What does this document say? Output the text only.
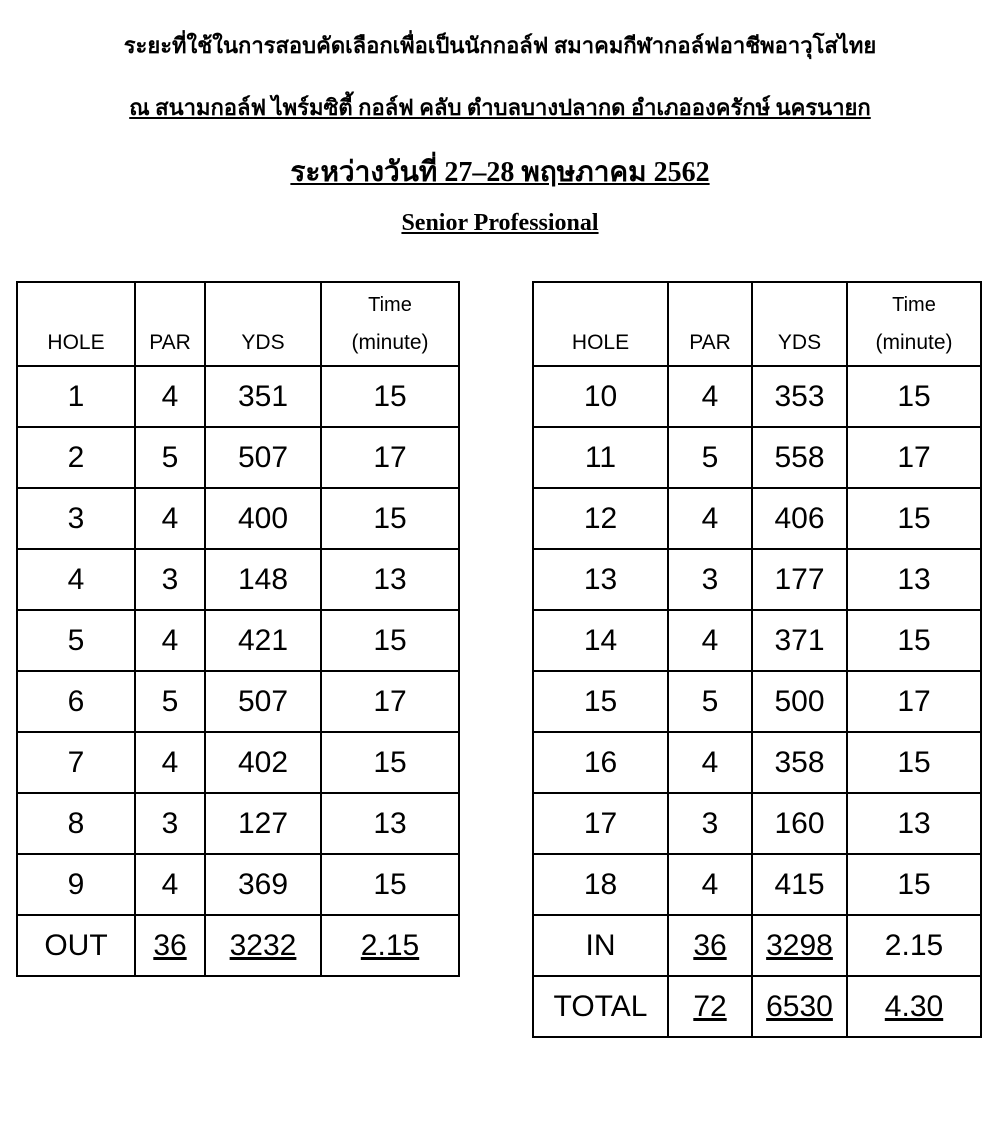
ระยะที่ใช้ในการสอบคัดเลือกเพื่อเป็นนักกอล์ฟ สมาคมกีฬากอล์ฟอาชีพอาวุโสไทย
ณ สนามกอล์ฟ ไพร์มซิตี้ กอล์ฟ คลับ ตำบลบางปลากด อำเภอองครักษ์ นครนายก
ระหว่างวันที่ 27–28 พฤษภาคม 2562
Senior Professional
HOLE	PAR	YDS	Time
(minute)
1	4	351	15
2	5	507	17
3	4	400	15
4	3	148	13
5	4	421	15
6	5	507	17
7	4	402	15
8	3	127	13
9	4	369	15
OUT	36	3232	2.15
HOLE	PAR	YDS	Time
(minute)
10	4	353	15
11	5	558	17
12	4	406	15
13	3	177	13
14	4	371	15
15	5	500	17
16	4	358	15
17	3	160	13
18	4	415	15
IN	36	3298	2.15
TOTAL	72	6530	4.30
